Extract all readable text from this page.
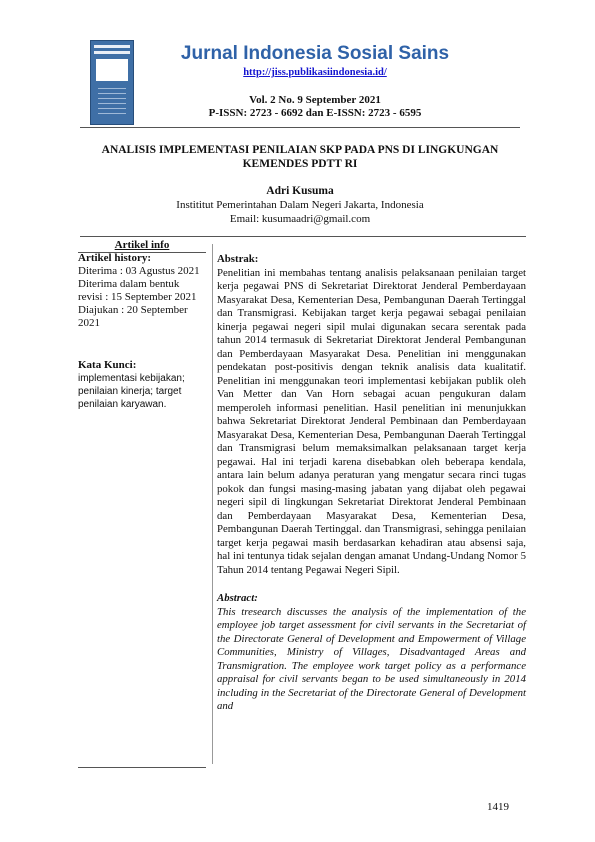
Jurnal Indonesia Sosial Sains
http://jiss.publikasiindonesia.id/
Vol. 2 No. 9 September 2021
P-ISSN: 2723 - 6692 dan E-ISSN: 2723 - 6595
ANALISIS IMPLEMENTASI PENILAIAN SKP PADA PNS DI LINGKUNGAN KEMENDES PDTT RI
Adri Kusuma
Instititut Pemerintahan Dalam Negeri Jakarta, Indonesia
Email: kusumaadri@gmail.com
Artikel info
Artikel history:

Diterima : 03 Agustus 2021

Diterima dalam bentuk revisi : 15 September 2021

Diajukan : 20 September 2021

Kata Kunci:
implementasi kebijakan; penilaian kinerja; target penilaian karyawan.
Abstrak:

Penelitian ini membahas tentang analisis pelaksanaan penilaian target kerja pegawai PNS di Sekretariat Direktorat Jenderal Pemberdayaan Masyarakat Desa, Kementerian Desa, Pembangunan Daerah Tertinggal dan Transmigrasi. Kebijakan target kerja pegawai sebagai penilaian kinerja pegawai negeri sipil mulai digunakan secara serentak pada tahun 2014 termasuk di Sekretariat Direktorat Jenderal Pembangunan dan Pemberdayaan Masyarakat Desa. Penelitian ini menggunakan pendekatan post-positivis dengan teknik analisis data kualitatif. Penelitian ini menggunakan teori implementasi kebijakan publik oleh Van Metter dan Van Horn sebagai acuan pengukuran dalam memperoleh informasi penelitian. Hasil penelitian ini menunjukkan bahwa Sekretariat Direktorat Jenderal Pembinaan dan Pemberdayaan Masyarakat Desa, Kementerian Desa, Pembangunan Daerah Tertinggal dan Transmigrasi belum memaksimalkan pelaksanaan target kerja pegawai. Hal ini terjadi karena disebabkan oleh beberapa kendala, antara lain belum adanya peraturan yang mengatur secara rinci tugas pokok dan fungsi masing-masing jabatan yang dijabat oleh pegawai negeri sipil di lingkungan Sekretariat Direktorat Jenderal Pembinaan dan Pemberdayaan Masyarakat Desa, Kementerian Desa, Pembangunan Daerah Tertinggal. dan Transmigrasi, sehingga penilaian target kerja pegawai masih berdasarkan kehadiran atau absensi saja, hal ini tentunya tidak sejalan dengan amanat Undang-Undang Nomor 5 Tahun 2014 tentang Pegawai Negeri Sipil.

Abstract:

This tresearch discusses the analysis of the implementation of the employee job target assessment for civil servants in the Secretariat of the Directorate General of Development and Empowerment of Village Communities, Ministry of Villages, Disadvantaged Areas and Transmigration. The employee work target policy as a performance appraisal for civil servants began to be used simultaneously in 2014 including in the Secretariat of the Directorate General of Development and

1419
